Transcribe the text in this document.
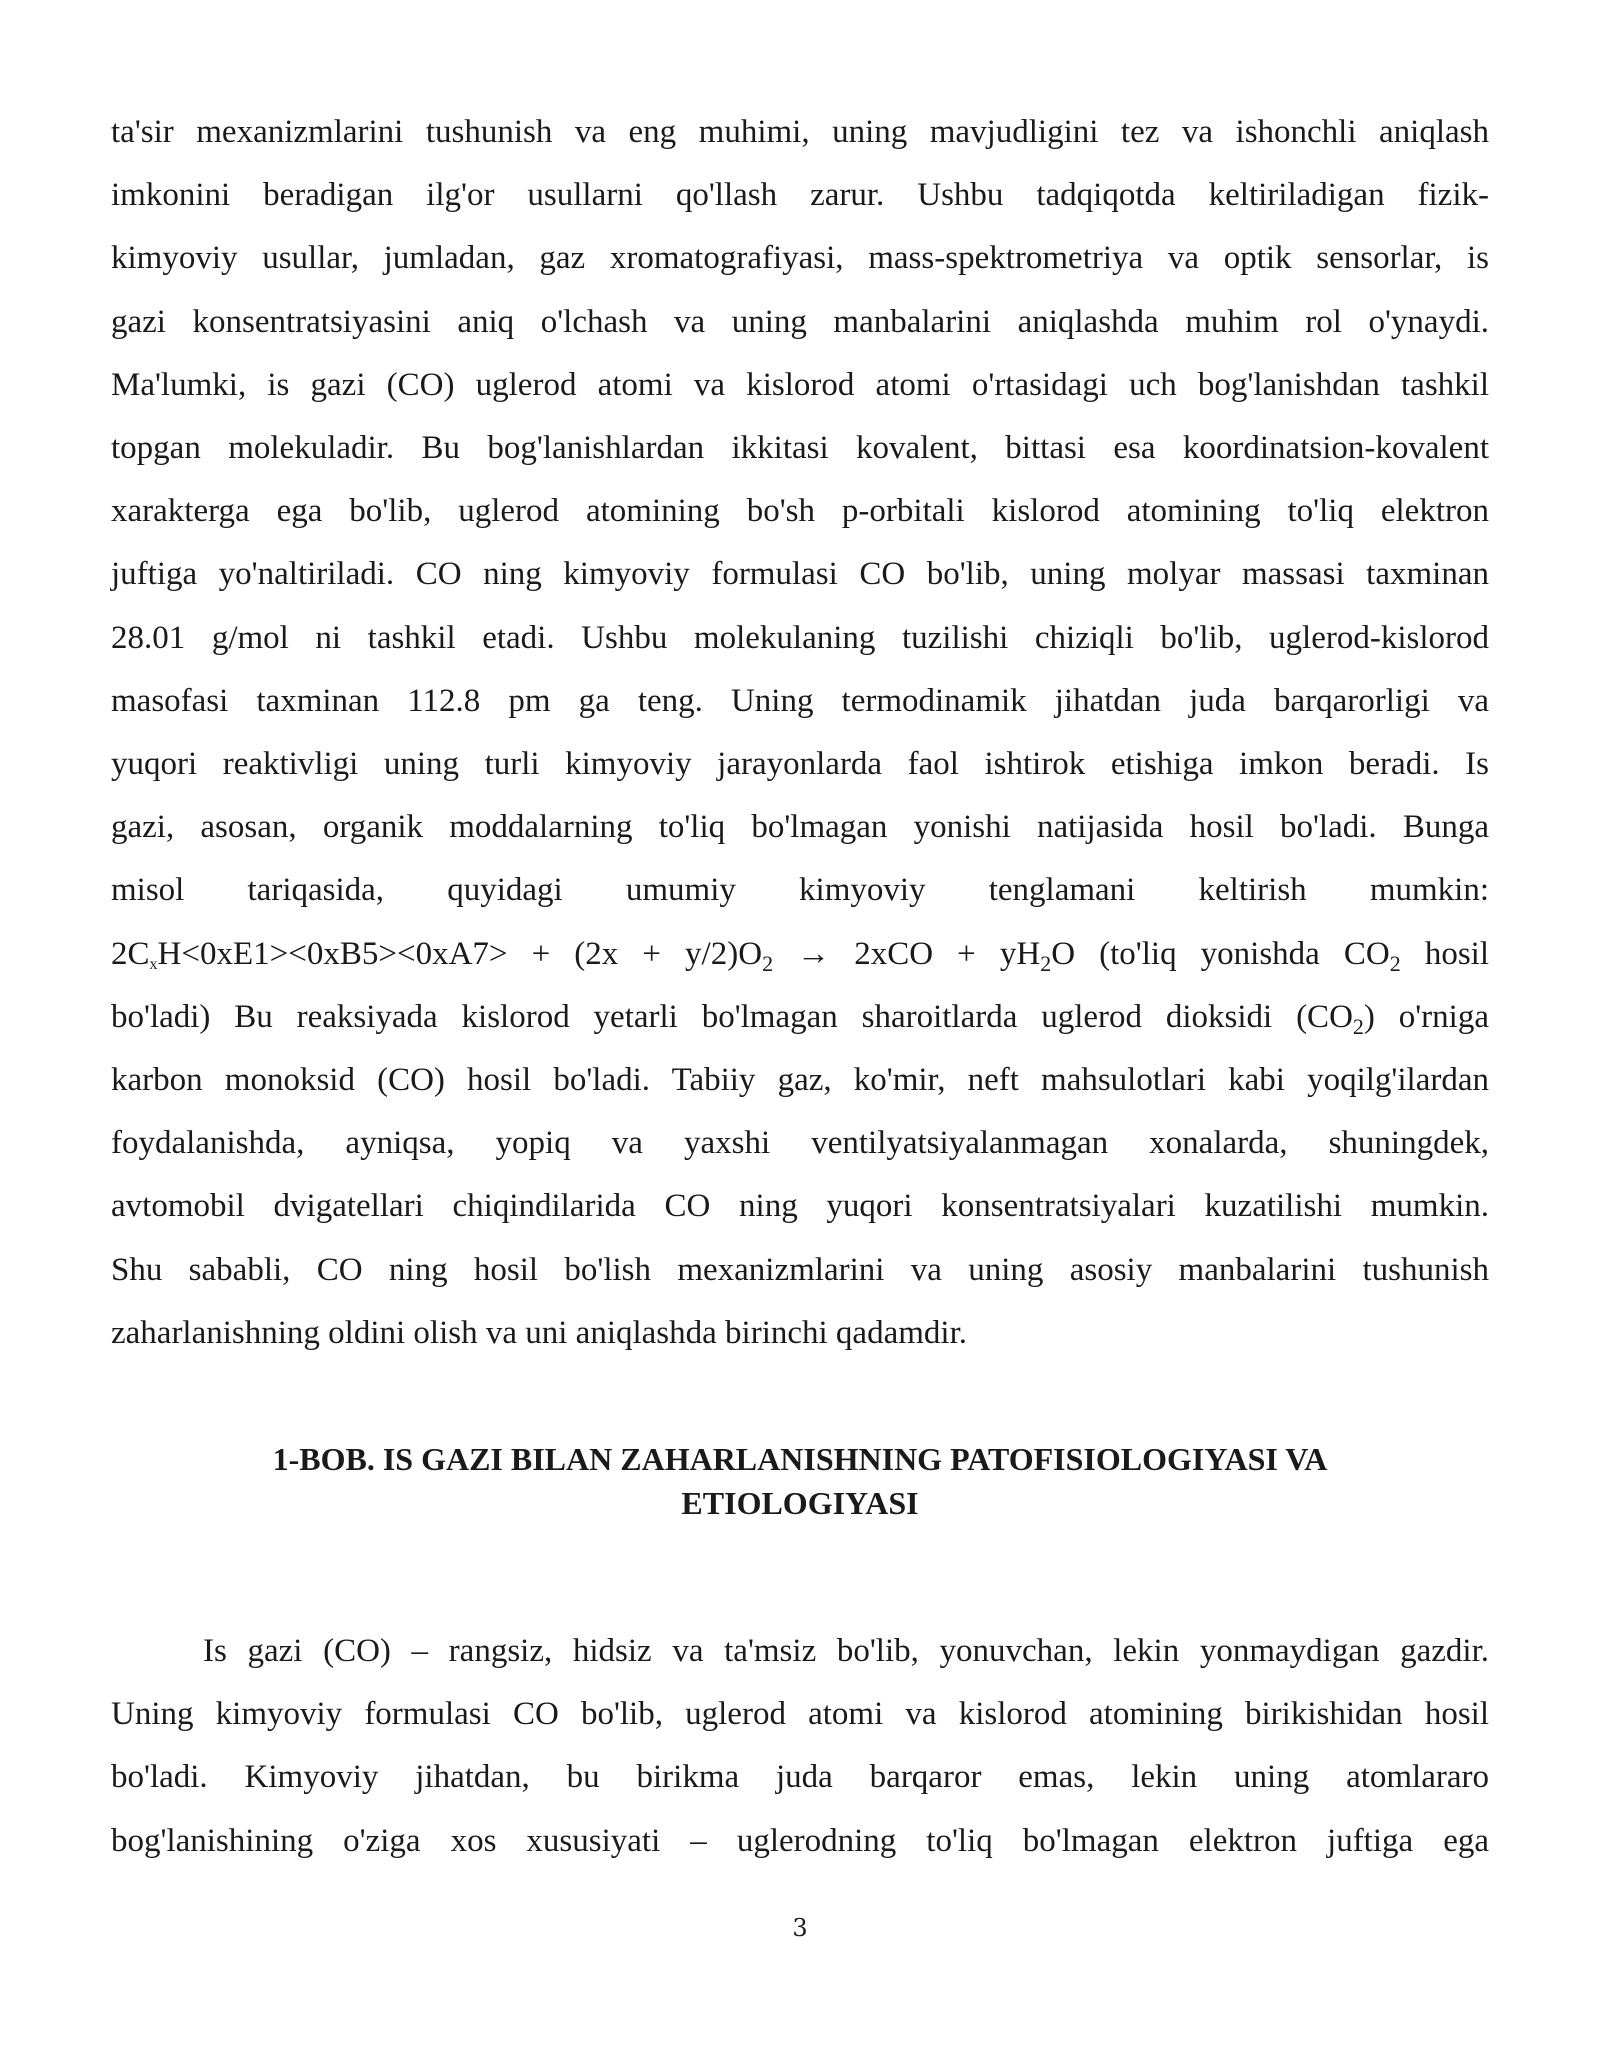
ta'sir mexanizmlarini tushunish va eng muhimi, uning mavjudligini tez va ishonchli aniqlash
imkonini beradigan ilg'or usullarni qo'llash zarur. Ushbu tadqiqotda keltiriladigan fizik-
kimyoviy usullar, jumladan, gaz xromatografiyasi, mass-spektrometriya va optik sensorlar, is
gazi konsentratsiyasini aniq o'lchash va uning manbalarini aniqlashda muhim rol o'ynaydi.
Ma'lumki, is gazi (CO) uglerod atomi va kislorod atomi o'rtasidagi uch bog'lanishdan tashkil
topgan molekuladir. Bu bog'lanishlardan ikkitasi kovalent, bittasi esa koordinatsion-kovalent
xarakterga ega bo'lib, uglerod atomining bo'sh p-orbitali kislorod atomining to'liq elektron
juftiga yo'naltiriladi. CO ning kimyoviy formulasi CO bo'lib, uning molyar massasi taxminan
28.01 g/mol ni tashkil etadi. Ushbu molekulaning tuzilishi chiziqli bo'lib, uglerod-kislorod
masofasi taxminan 112.8 pm ga teng. Uning termodinamik jihatdan juda barqarorligi va
yuqori reaktivligi uning turli kimyoviy jarayonlarda faol ishtirok etishiga imkon beradi. Is
gazi, asosan, organik moddalarning to'liq bo'lmagan yonishi natijasida hosil bo'ladi. Bunga
misol tariqasida, quyidagi umumiy kimyoviy tenglamani keltirish mumkin:
$2CxH<0xE1><0xB5><0xA7> + (2x + y/2)O_2 \to 2xCO + yH_2O$ (to'liq yonishda $CO_2$ hosil
bo'ladi) Bu reaksiyada kislorod yetarli bo'lmagan sharoitlarda uglerod dioksidi $(CO_2)$ o'rniga
karbon monoksid (CO) hosil bo'ladi. Tabiiy gaz, ko'mir, neft mahsulotlari kabi yoqilg'ilardan
foydalanishda, ayniqsa, yopiq va yaxshi ventilyatsiyalanmagan xonalarda, shuningdek,
avtomobil dvigatellari chiqindilarida CO ning yuqori konsentratsiyalari kuzatilishi mumkin.
Shu sababli, CO ning hosil bo'lish mexanizmlarini va uning asosiy manbalarini tushunish
zaharlanishning oldini olish va uni aniqlashda birinchi qadamdir.
1-BOB. IS GAZI BILAN ZAHARLANISHNING PATOFISIOLOGIYASI VA
ETIOLOGIYASI
Is gazi (CO) – rangsiz, hidsiz va ta'msiz bo'lib, yonuvchan, lekin yonmaydigan gazdir.
Uning kimyoviy formulasi CO bo'lib, uglerod atomi va kislorod atomining birikishidan hosil
bo'ladi. Kimyoviy jihatdan, bu birikma juda barqaror emas, lekin uning atomlararo
bog'lanishining o'ziga xos xususiyati – uglerodning to'liq bo'lmagan elektron juftiga ega
3
